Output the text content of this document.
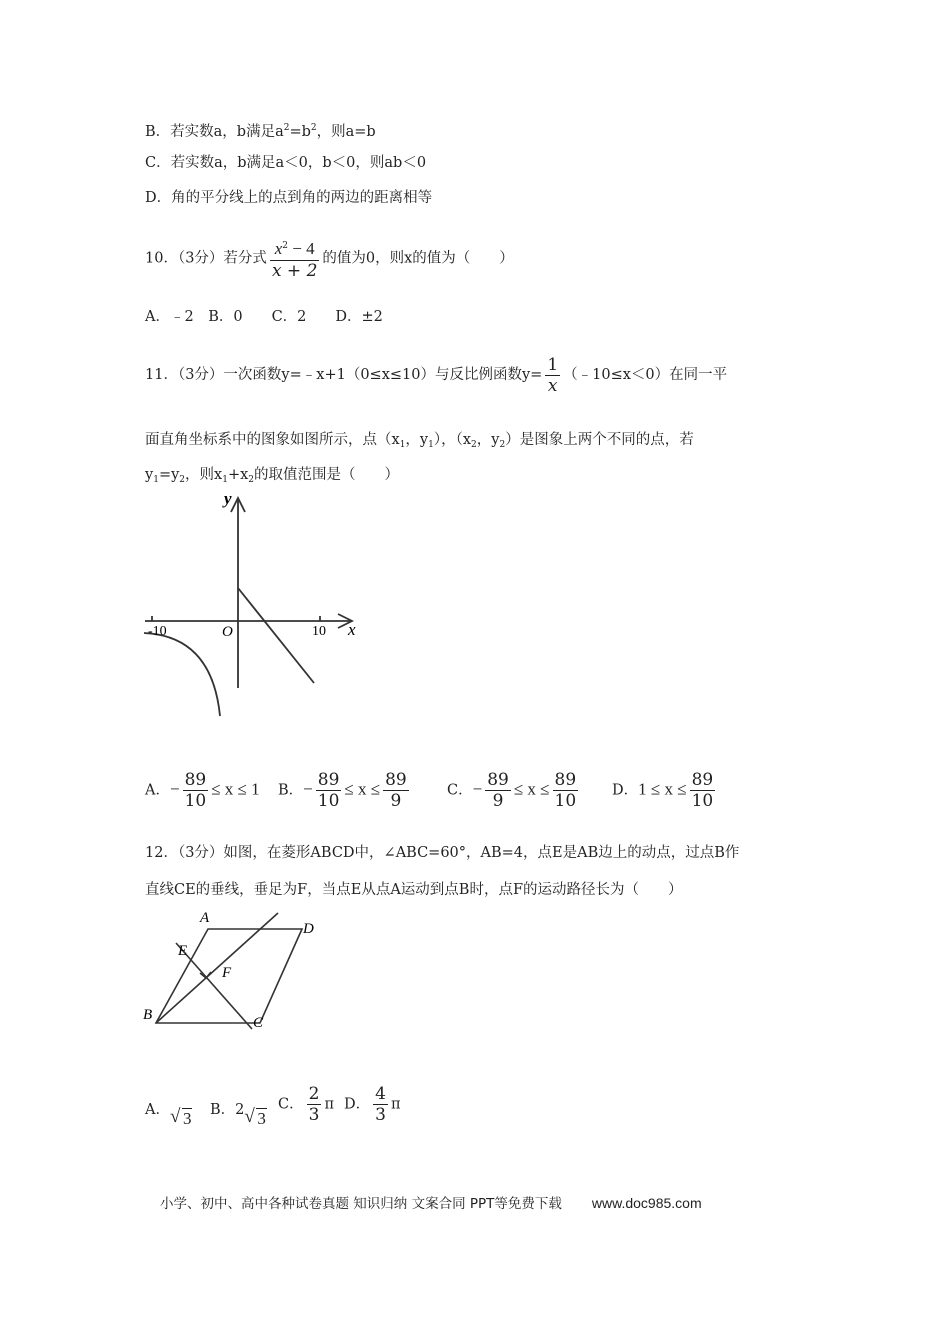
B．若实数a，b满足$a^2=b^2$，则a=b
C．若实数a，b满足a＜0，b＜0，则ab＜0
D．角的平分线上的点到角的两边的距离相等
10．（3分）若分式 $\frac{x^2 - 4}{x + 2}$ 的值为0，则x的值为（　　）
A．﹣2　B．0　　C．2　　D．±2
11．（3分）一次函数y=﹣x+1（0≤x≤10）与反比例函数$y= \frac{1}{x}$ （﹣10≤x＜0）在同一平
面直角坐标系中的图象如图所示，点（$x_1$，$y_1$），（$x_2$，$y_2$）是图象上两个不同的点，若
$y_1=y_2$，则$x_1+x_2$的取值范围是（　　）
y
x
O
-10	10
A．− $\frac{89}{10} \le x \le 1$ B．− $\frac{89}{10} \le x \le \frac{89}{9}$	C．− $\frac{89}{9} \le x \le \frac{89}{10}$ D．$1 \le x \le \frac{89}{10}$
12．（3分）如图，在菱形ABCD中，∠ABC=60°，AB=4，点E是AB边上的动点，过点B作
直线CE的垂线，垂足为F，当点E从点A运动到点B时，点F的运动路径长为（　　）
A
D
E
F
B	C
A． √ 3 B．2 √ 3
C． $\frac{2}{3}$ π D． $\frac{4}{3}$ π
小学、初中、高中各种试卷真题 知识归纳 文案合同 PPT等免费下载 www.doc985.com
